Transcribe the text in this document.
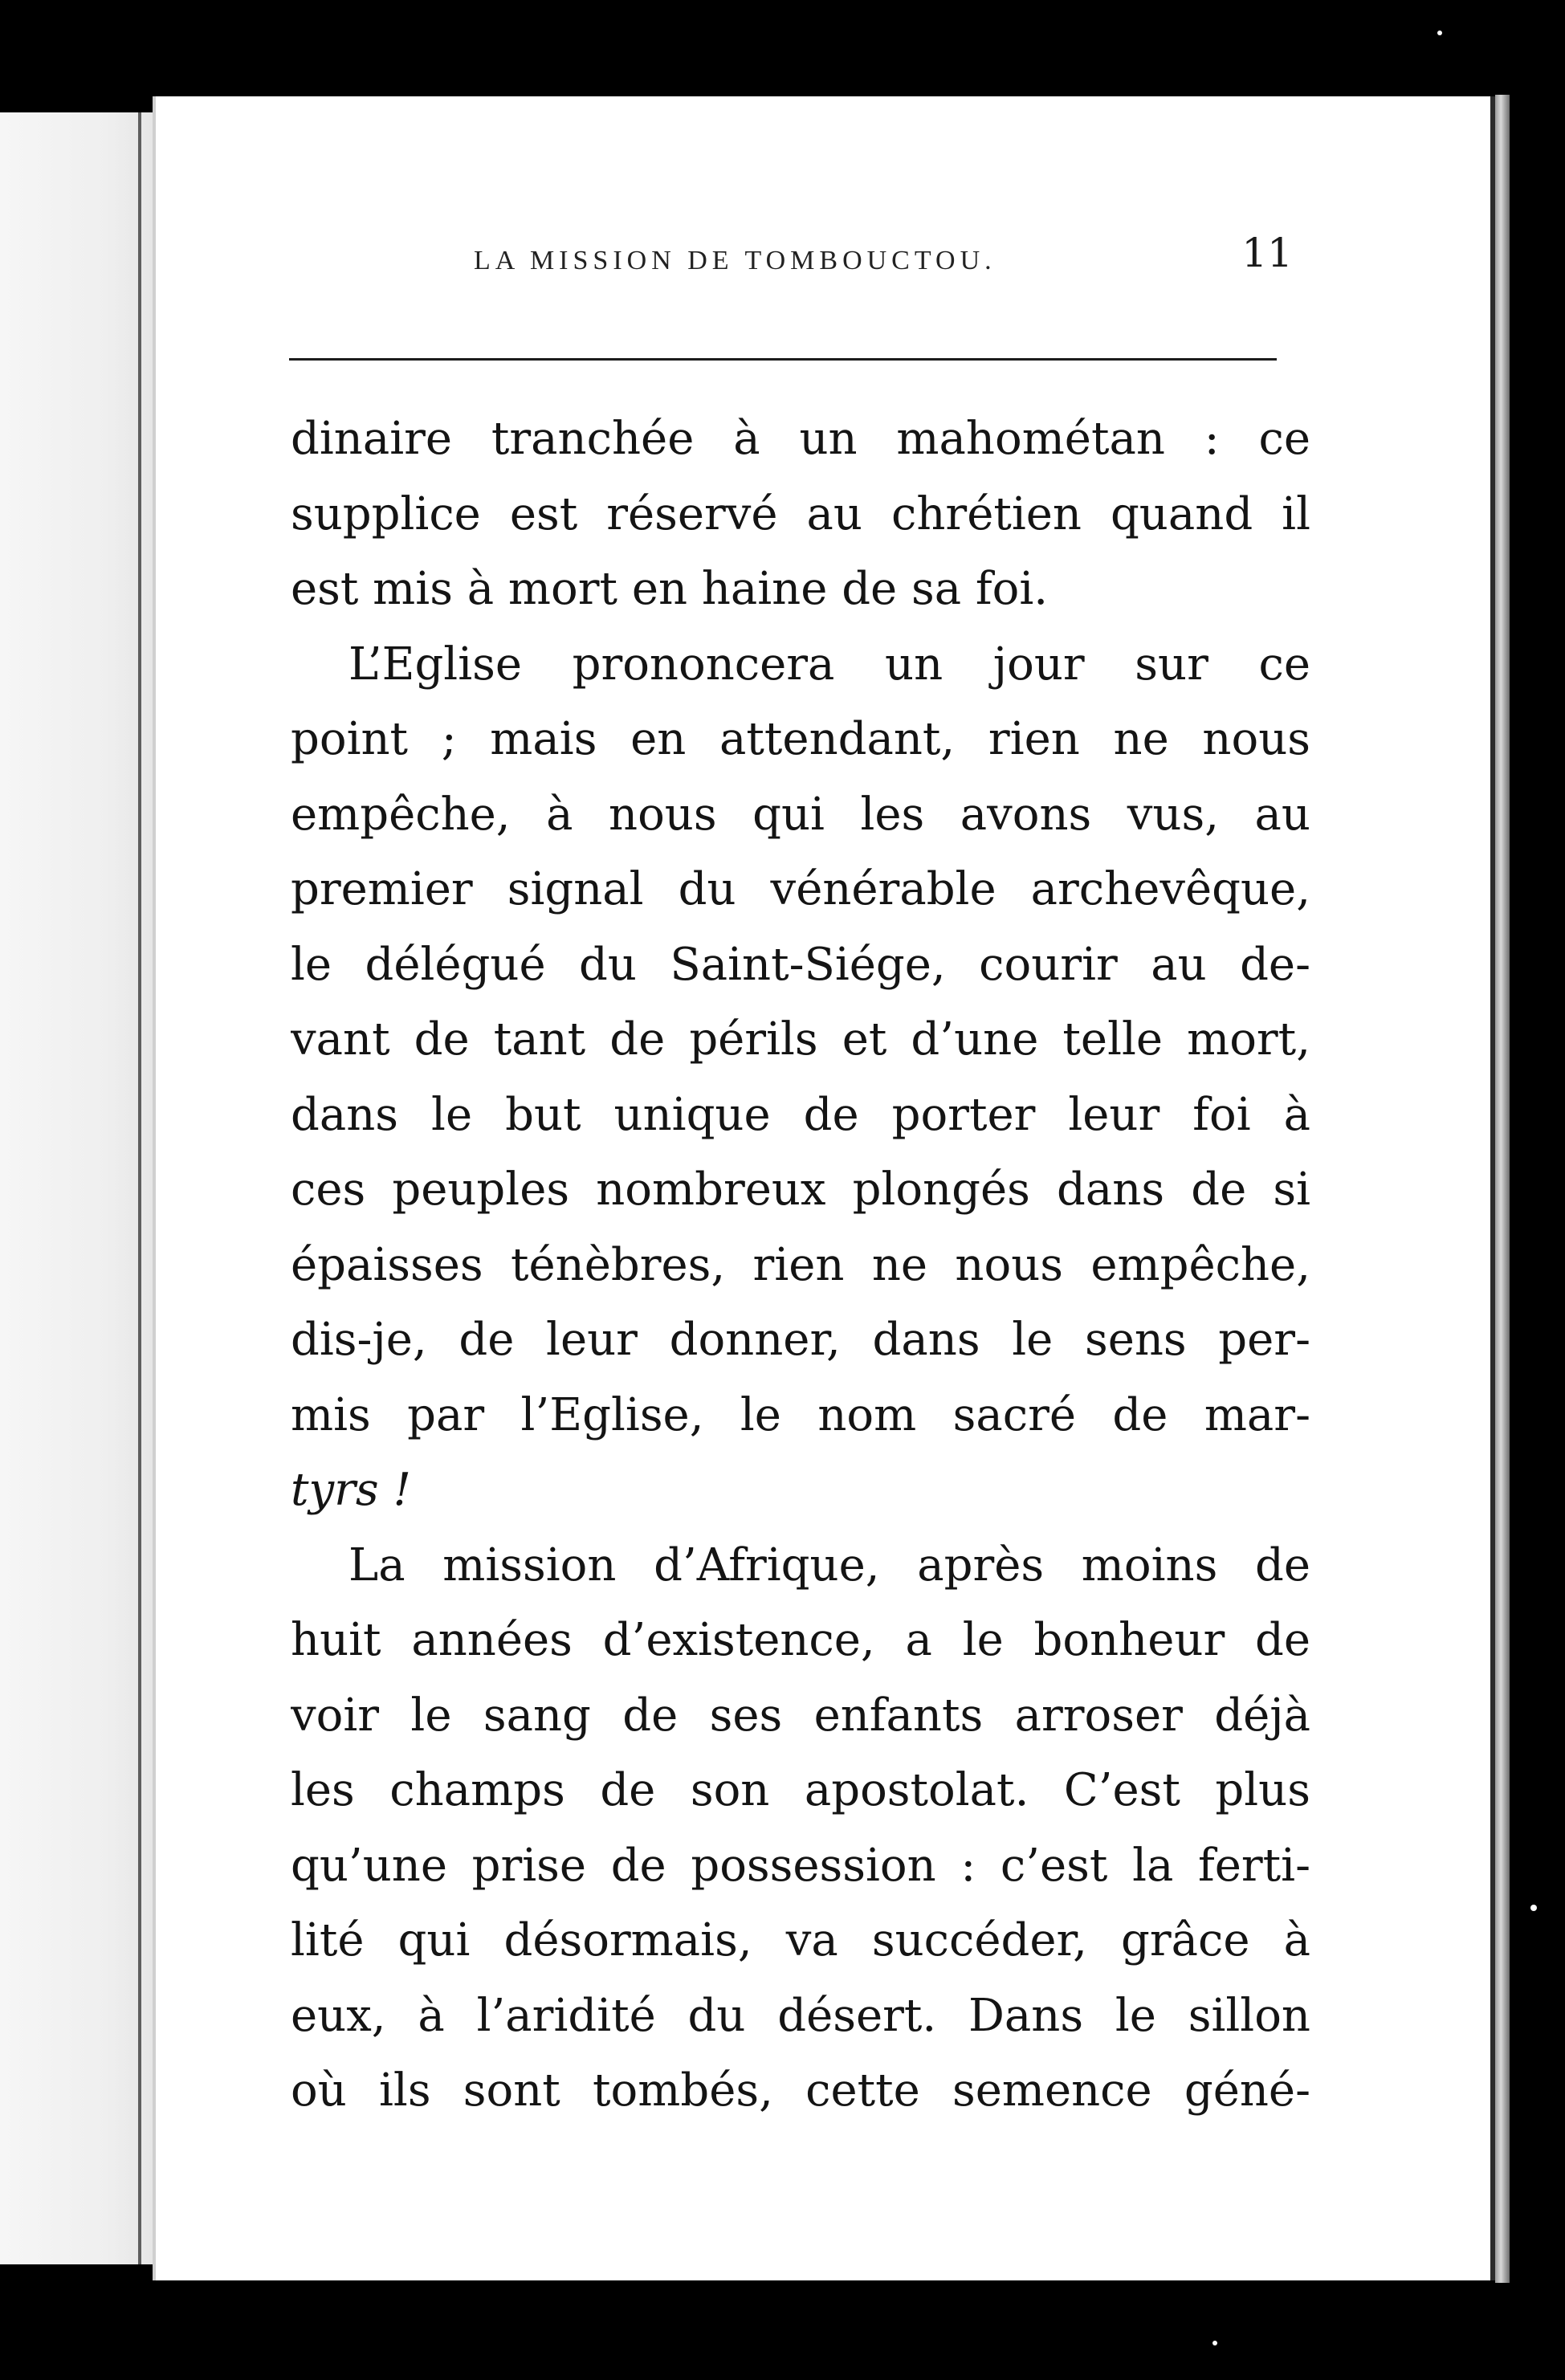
LA MISSION DE TOMBOUCTOU.	11
dinaire tranchée à un mahométan : ce
supplice est réservé au chrétien quand il
est mis à mort en haine de sa foi.
L’Eglise prononcera un jour sur ce
point ; mais en attendant, rien ne nous
empêche, à nous qui les avons vus, au
premier signal du vénérable archevêque,
le délégué du Saint-Siége, courir au de-
vant de tant de périls et d’une telle mort,
dans le but unique de porter leur foi à
ces peuples nombreux plongés dans de si
épaisses ténèbres, rien ne nous empêche,
dis-je, de leur donner, dans le sens per-
mis par l’Eglise, le nom sacré de mar-
tyrs !
La mission d’Afrique, après moins de
huit années d’existence, a le bonheur de
voir le sang de ses enfants arroser déjà
les champs de son apostolat. C’est plus
qu’une prise de possession : c’est la ferti-
lité qui désormais, va succéder, grâce à
eux, à l’aridité du désert. Dans le sillon
où ils sont tombés, cette semence géné-
